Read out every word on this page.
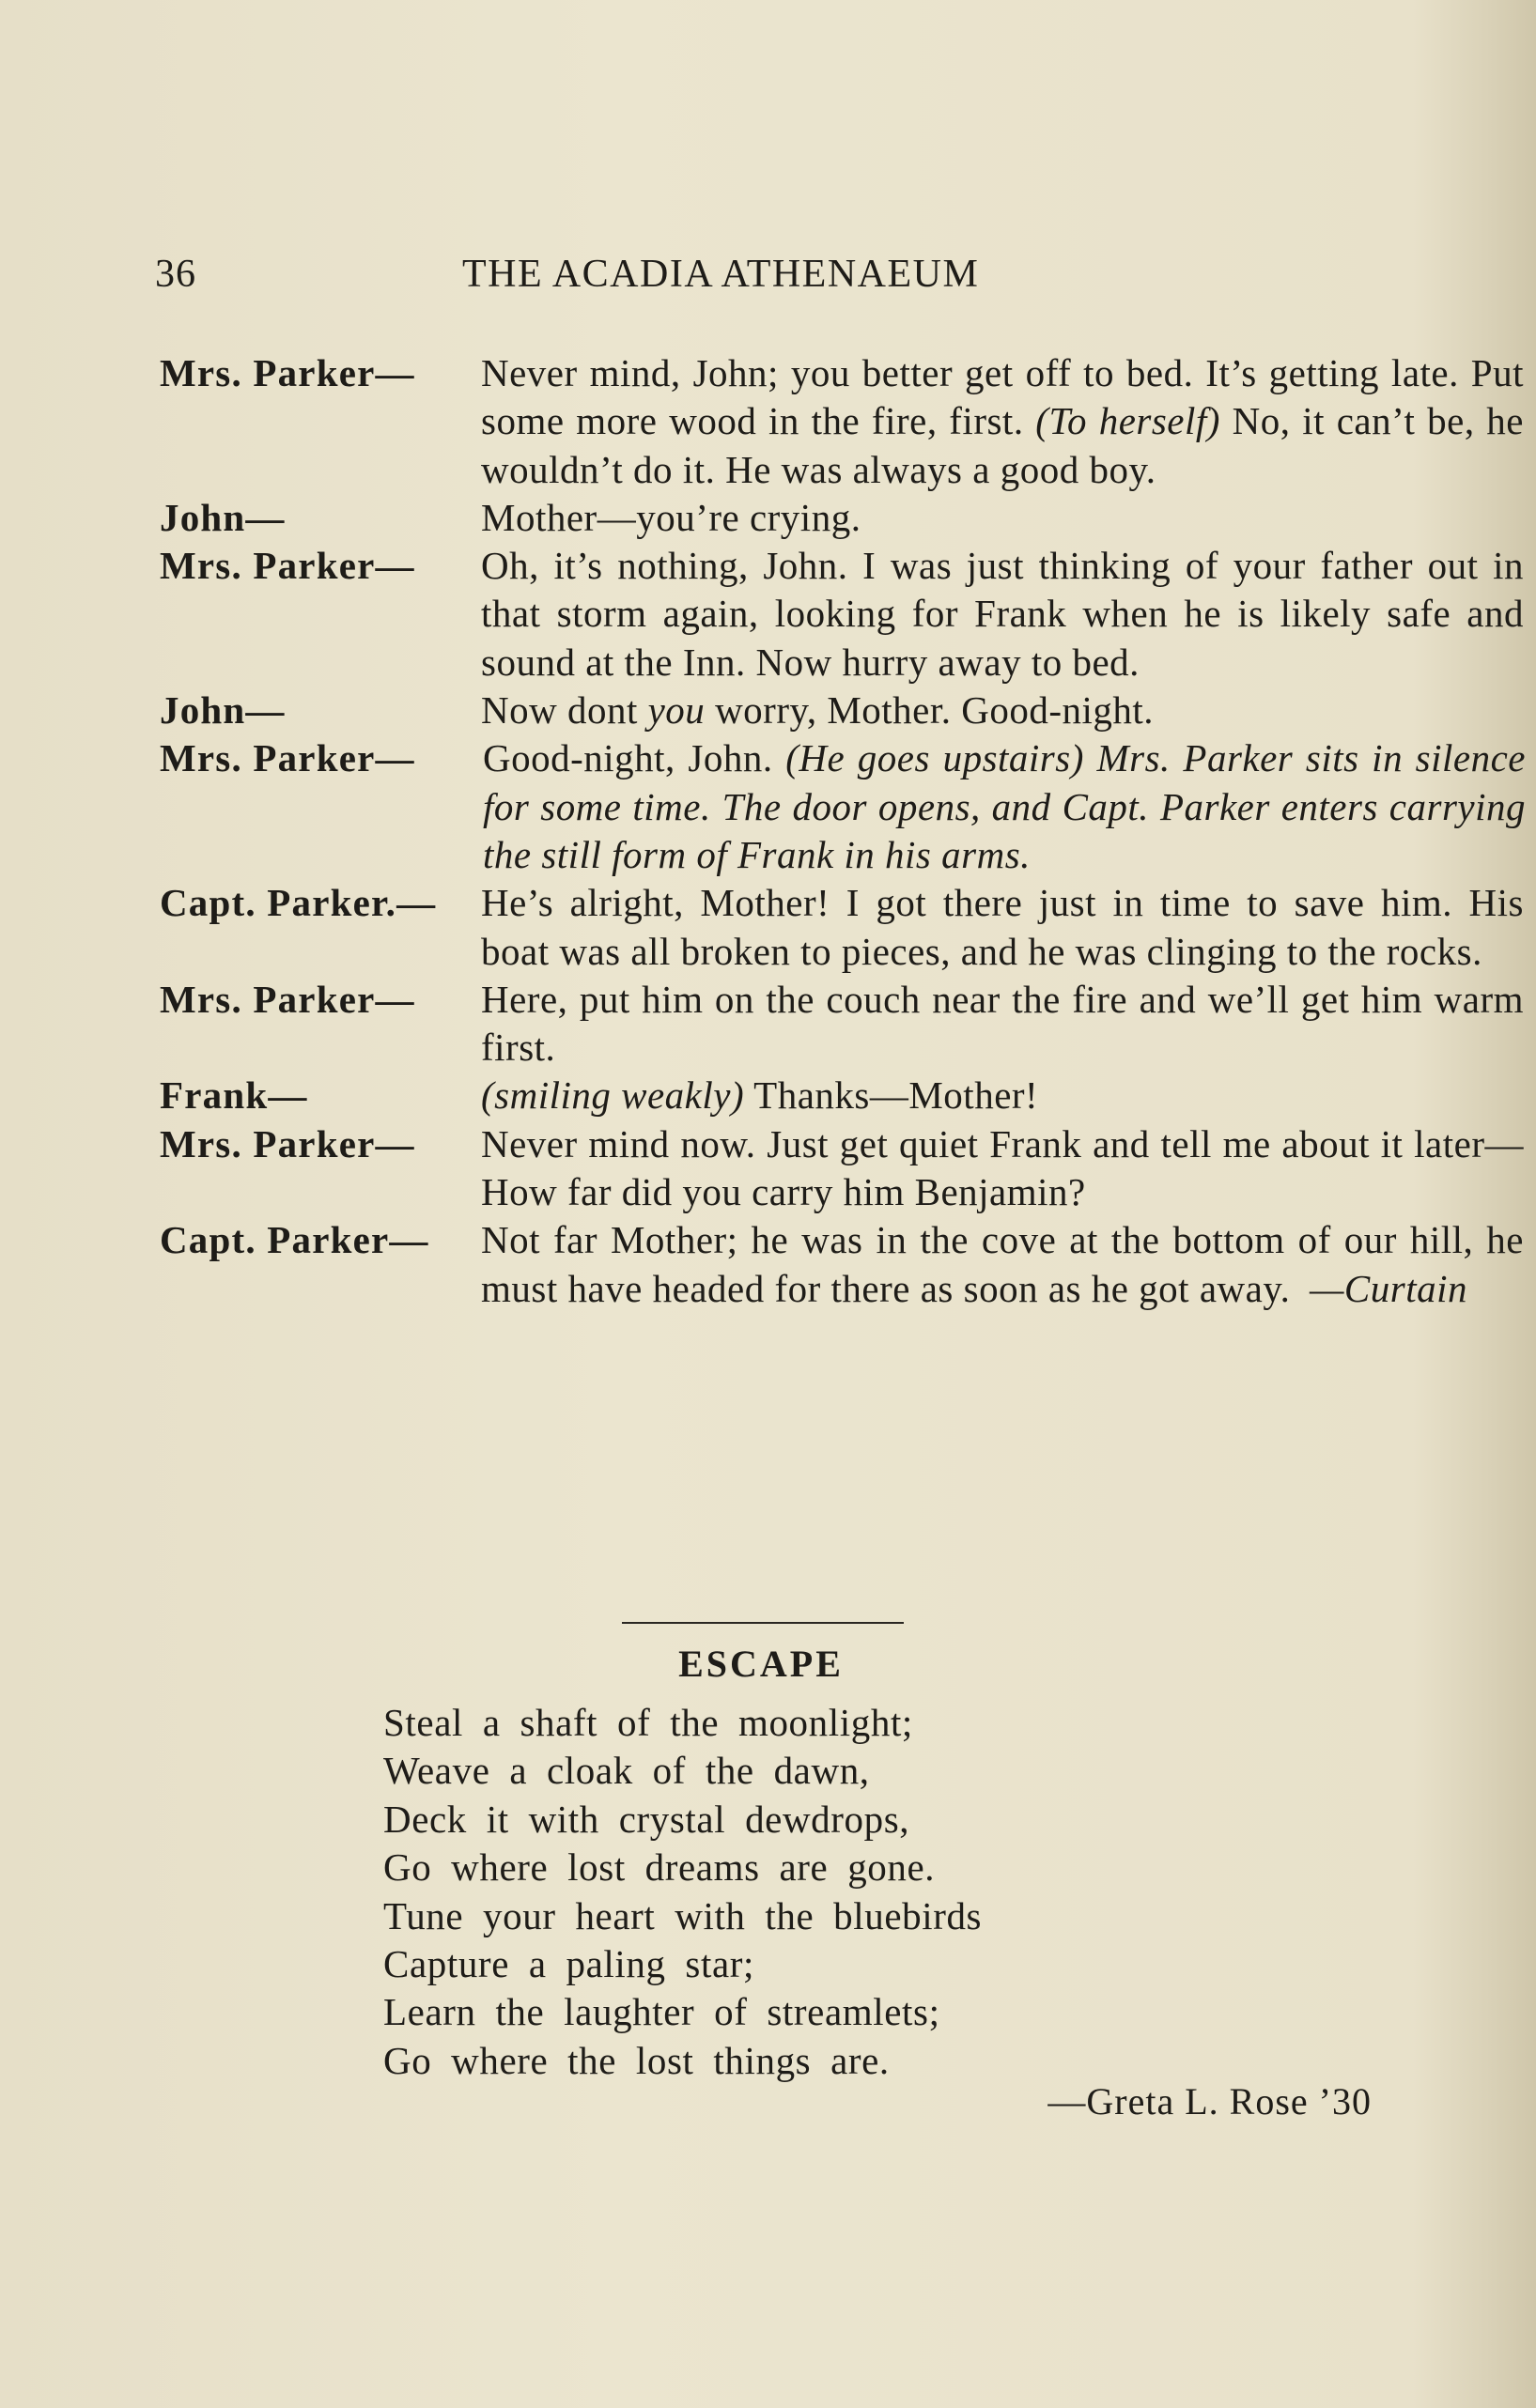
36	THE ACADIA ATHENAEUM
Mrs. Parker— Never mind, John; you better get off to bed. It’s getting late. Put some more wood in the fire, first. (To herself) No, it can’t be, he wouldn’t do it. He was always a good boy.
John—	Mother—you’re crying.
Mrs. Parker— Oh, it’s nothing, John. I was just thinking of your father out in that storm again, looking for Frank when he is likely safe and sound at the Inn. Now hurry away to bed.
John—	Now dont you worry, Mother. Good-night.
Mrs. Parker— Good-night, John. (He goes upstairs) Mrs. Parker sits in silence for some time. The door opens, and Capt. Parker enters carrying the still form of Frank in his arms.
Capt. Parker.— He’s alright, Mother! I got there just in time to save him. His boat was all broken to pieces, and he was clinging to the rocks.
Mrs. Parker— Here, put him on the couch near the fire and we’ll get him warm first.
Frank—	(smiling weakly) Thanks—Mother!
Mrs. Parker— Never mind now. Just get quiet Frank and tell me about it later—How far did you carry him Benjamin?
Capt. Parker— Not far Mother; he was in the cove at the bottom of our hill, he must have headed for there as soon as he got away. —Curtain
ESCAPE
Steal a shaft of the moonlight;
Weave a cloak of the dawn,
Deck it with crystal dewdrops,
Go where lost dreams are gone.
Tune your heart with the bluebirds
Capture a paling star;
Learn the laughter of streamlets;
Go where the lost things are.
—Greta L. Rose ’30
